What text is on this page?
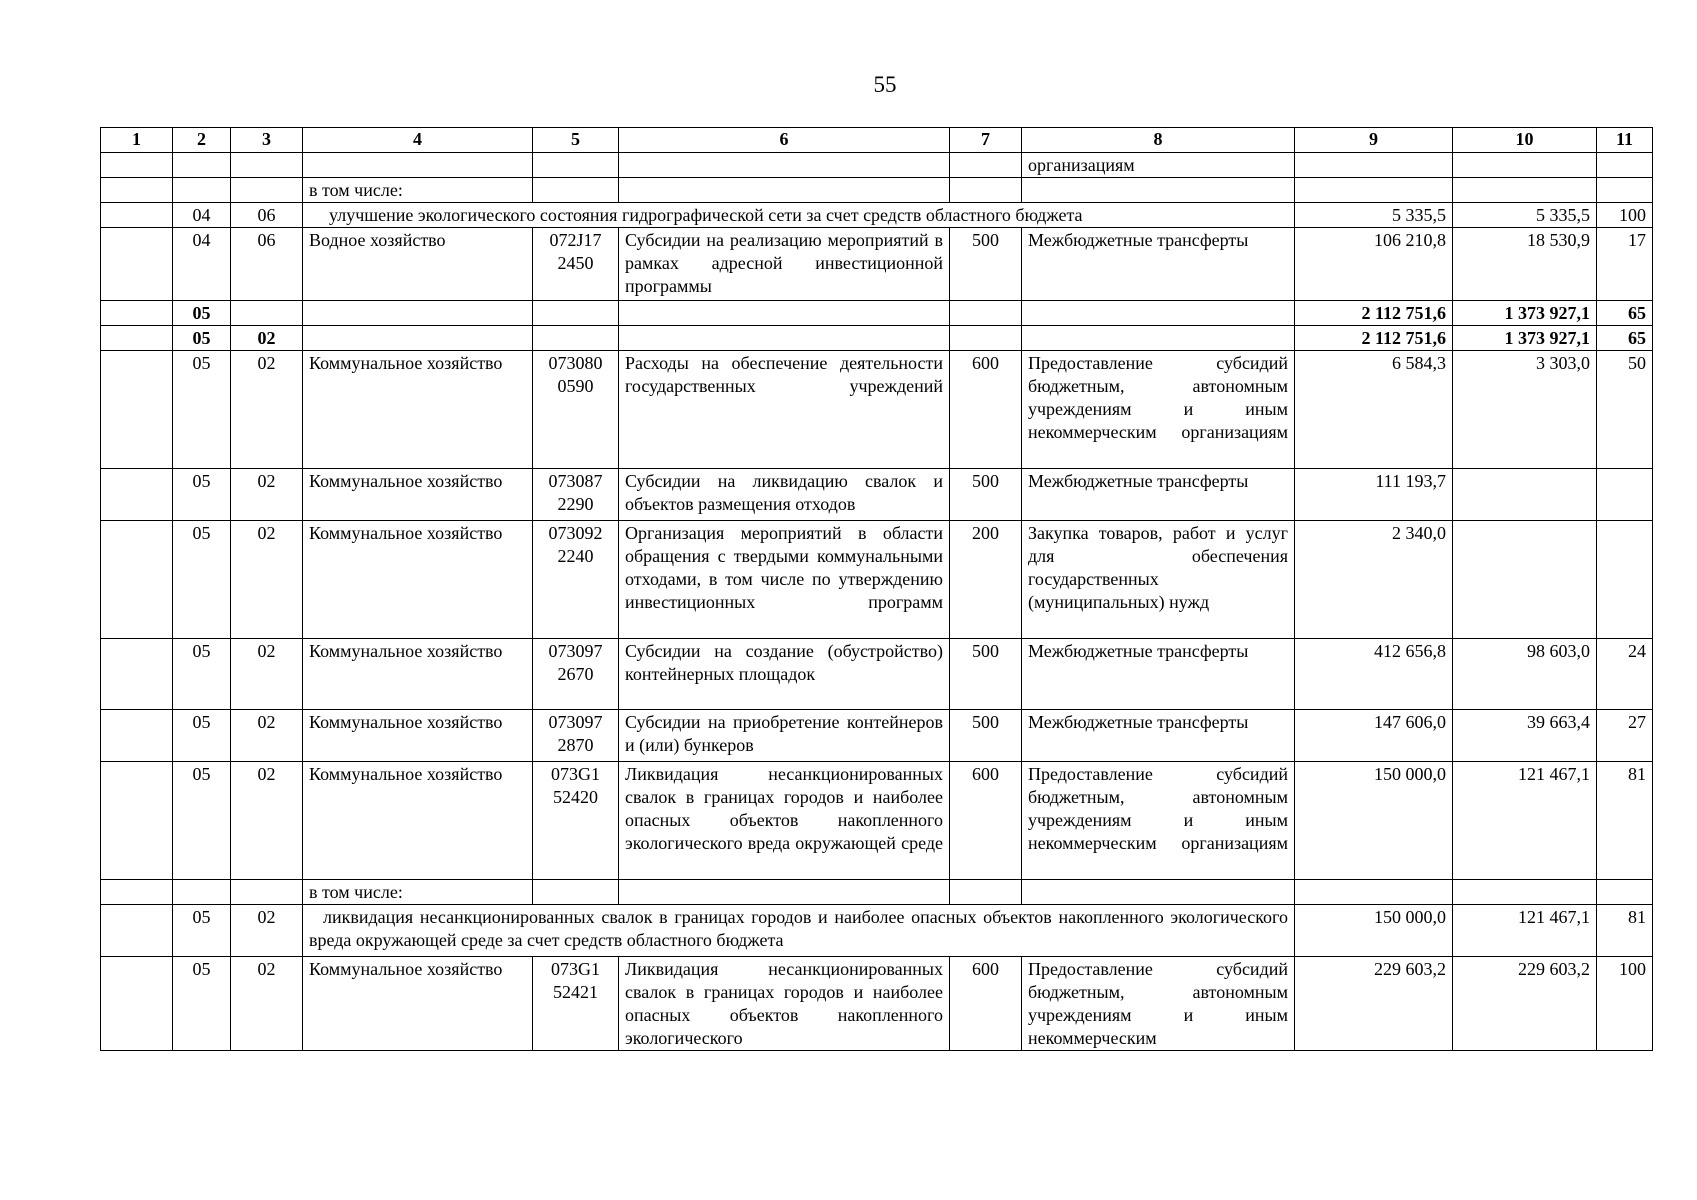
55
1	2	3	4	5	6	7	8	9	10	11
							организациям			
			в том числе:							
	04	06	улучшение экологического состояния гидрографической сети за счет средств областного бюджета					5 335,5	5 335,5	100
	04	06	Водное хозяйство	072J17 2450	Субсидии на реализацию мероприятий в рамках адресной инвестиционной программы	500	Межбюджетные трансферты	106 210,8	18 530,9	17
	05							2 112 751,6	1 373 927,1	65
	05	02						2 112 751,6	1 373 927,1	65
	05	02	Коммунальное хозяйство	073080 0590	Расходы на обеспечение деятельности государственных учреждений	600	Предоставление субсидий бюджетным, автономным учреждениям и иным некоммерческим организациям	6 584,3	3 303,0	50
	05	02	Коммунальное хозяйство	073087 2290	Субсидии на ликвидацию свалок и объектов размещения отходов	500	Межбюджетные трансферты	111 193,7		
	05	02	Коммунальное хозяйство	073092 2240	Организация мероприятий в области обращения с твердыми коммунальными отходами, в том числе по утверждению инвестиционных программ	200	Закупка товаров, работ и услуг для обеспечения государственных (муниципальных) нужд	2 340,0		
	05	02	Коммунальное хозяйство	073097 2670	Субсидии на создание (обустройство) контейнерных площадок	500	Межбюджетные трансферты	412 656,8	98 603,0	24
	05	02	Коммунальное хозяйство	073097 2870	Субсидии на приобретение контейнеров и (или) бункеров	500	Межбюджетные трансферты	147 606,0	39 663,4	27
	05	02	Коммунальное хозяйство	073G1 52420	Ликвидация несанкционированных свалок в границах городов и наиболее опасных объектов накопленного экологического вреда окружающей среде	600	Предоставление субсидий бюджетным, автономным учреждениям и иным некоммерческим организациям	150 000,0	121 467,1	81
			в том числе:							
	05	02	ликвидация несанкционированных свалок в границах городов и наиболее опасных объектов накопленного экологического вреда окружающей среде за счет средств областного бюджета					150 000,0	121 467,1	81
	05	02	Коммунальное хозяйство	073G1 52421	Ликвидация несанкционированных свалок в границах городов и наиболее опасных объектов накопленного экологического	600	Предоставление субсидий бюджетным, автономным учреждениям и иным некоммерческим	229 603,2	229 603,2	100
